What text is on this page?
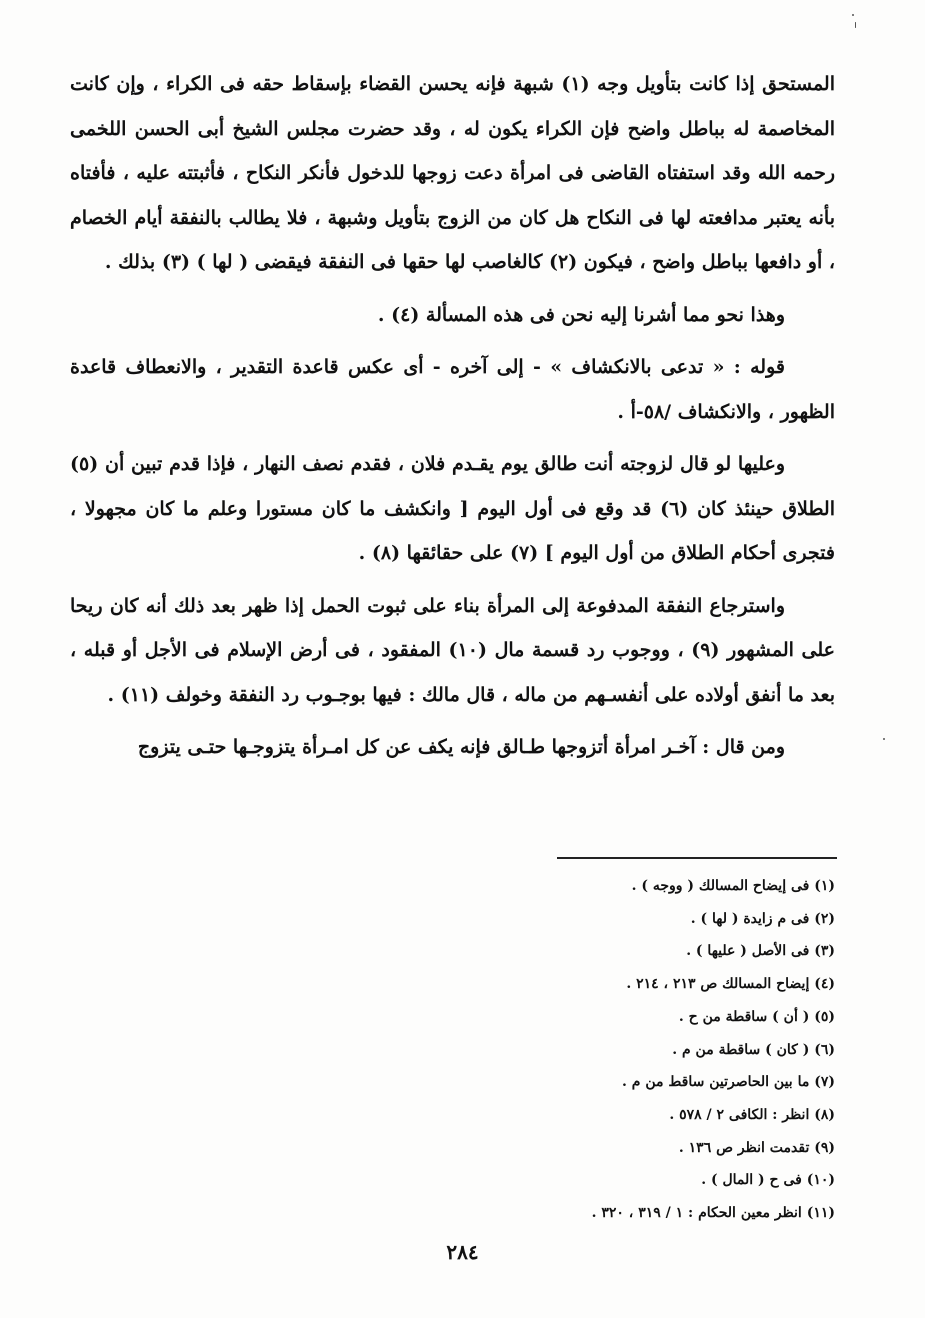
المستحق إذا كانت بتأويل وجه (١) شبهة فإنه يحسن القضاء بإسقاط حقه فى الكراء ، وإن كانت المخاصمة له بباطل واضح فإن الكراء يكون له ، وقد حضرت مجلس الشيخ أبى الحسن اللخمى رحمه الله وقد استفتاه القاضى فى امرأة دعت زوجها للدخول فأنكر النكاح ، فأثبتته عليه ، فأفتاه بأنه يعتبر مدافعته لها فى النكاح هل كان من الزوج بتأويل وشبهة ، فلا يطالب بالنفقة أيام الخصام ، أو دافعها بباطل واضح ، فيكون (٢) كالغاصب لها حقها فى النفقة فيقضى ( لها ) (٣) بذلك .

وهذا نحو مما أشرنا إليه نحن فى هذه المسألة (٤) .

قوله : « تدعى بالانكشاف » - إلى آخره - أى عكس قاعدة التقدير ، والانعطاف قاعدة الظهور ، والانكشاف /٥٨-أ .

وعليها لو قال لزوجته أنت طالق يوم يقـدم فلان ، فقدم نصف النهار ، فإذا قدم تبين أن (٥) الطلاق حينئذ كان (٦) قد وقع فى أول اليوم [ وانكشف ما كان مستورا وعلم ما كان مجهولا ، فتجرى أحكام الطلاق من أول اليوم ] (٧) على حقائقها (٨) .

واسترجاع النفقة المدفوعة إلى المرأة بناء على ثبوت الحمل إذا ظهر بعد ذلك أنه كان ريحا على المشهور (٩) ، ووجوب رد قسمة مال (١٠) المفقود ، فى أرض الإسلام فى الأجل أو قبله ، بعد ما أنفق أولاده على أنفسـهم من ماله ، قال مالك : فيها بوجـوب رد النفقة وخولف (١١) .

ومن قال : آخـر امرأة أتزوجها طـالق فإنه يكف عن كل امـرأة يتزوجـها حتـى يتزوج

(١) فى إيضاح المسالك ( ووجه ) .
(٢) فى م زايدة ( لها ) .
(٣) فى الأصل ( عليها ) .
(٤) إيضاح المسالك ص ٢١٣ ، ٢١٤ .
(٥) ( أن ) ساقطة من ح .
(٦) ( كان ) ساقطة من م .
(٧) ما بين الحاصرتين ساقط من م .
(٨) انظر : الكافى ٢ / ٥٧٨ .
(٩) تقدمت انظر ص ١٣٦ .
(١٠) فى ح ( المال ) .
(١١) انظر معين الحكام : ١ / ٣١٩ ، ٣٢٠ .
٢٨٤
